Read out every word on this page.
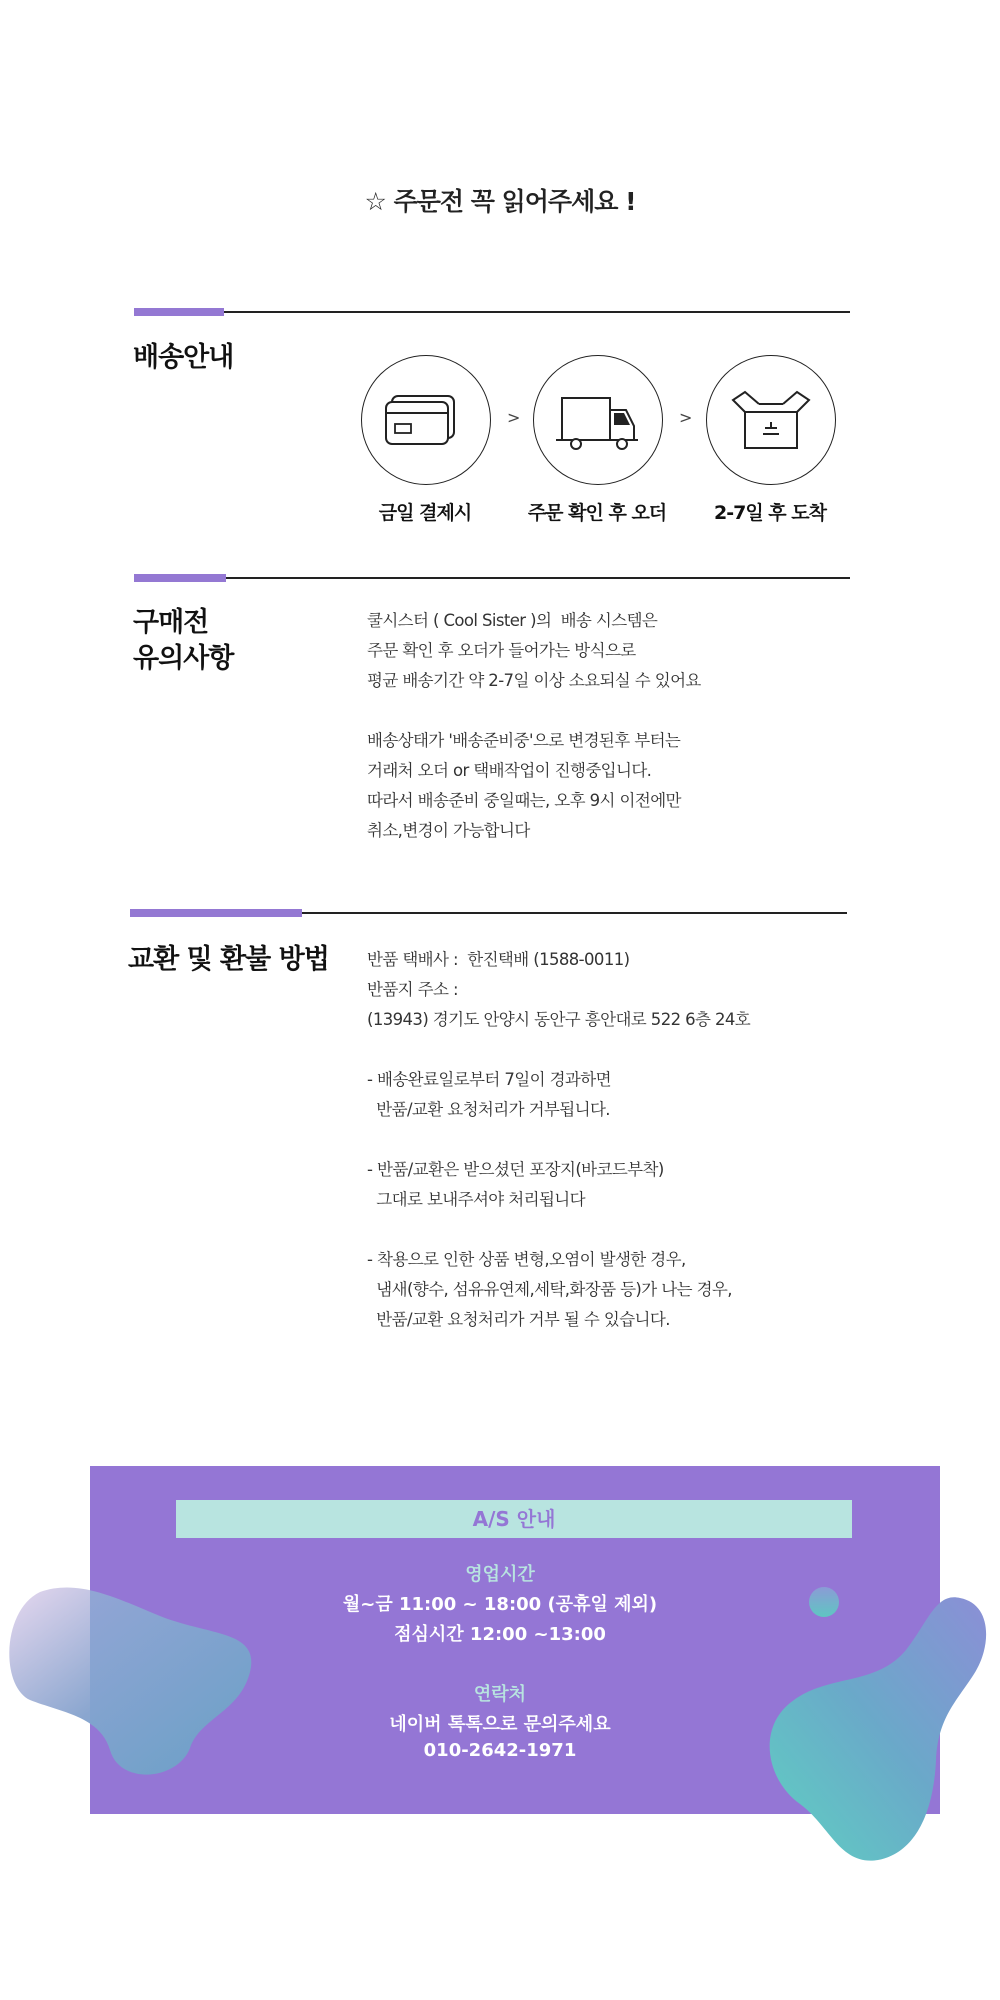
☆ 주문전 꼭 읽어주세요 !
배송안내
>	>
금일 결제시	주문 확인 후 오더	2-7일 후 도착
구매전
유의사항

쿨시스터 ( Cool Sister )의  배송 시스템은

주문 확인 후 오더가 들어가는 방식으로

평균 배송기간 약 2-7일 이상 소요되실 수 있어요

배송상태가 '배송준비중'으로 변경된후 부터는

거래처 오더 or 택배작업이 진행중입니다.

따라서 배송준비 중일때는, 오후 9시 이전에만

취소,변경이 가능합니다

교환 및 환불 방법 반품 택배사 :  한진택배 (1588-0011)

반품지 주소 :

(13943) 경기도 안양시 동안구 흥안대로 522 6층 24호

- 배송완료일로부터 7일이 경과하면

반품/교환 요청처리가 거부됩니다.

- 반품/교환은 받으셨던 포장지(바코드부착)

그대로 보내주셔야 처리됩니다

- 착용으로 인한 상품 변형,오염이 발생한 경우,

냄새(향수, 섬유유연제,세탁,화장품 등)가 나는 경우,

반품/교환 요청처리가 거부 될 수 있습니다.

A/S 안내
영업시간
월~금 11:00 ~ 18:00 (공휴일 제외)
점심시간 12:00 ~13:00
연락처
네이버 톡톡으로 문의주세요
010-2642-1971
